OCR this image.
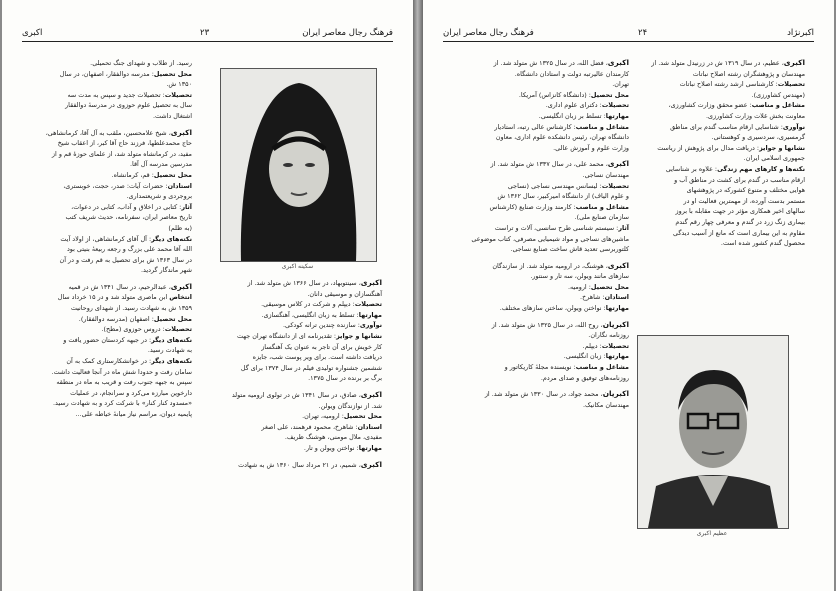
اکبری	۲۳	فرهنگ رجال معاصر ایران

رسید. از طلاب و شهدای جنگ تحمیلی.
محل تحصیل: مدرسه دوالفقار، اصفهان، در سال
۱۳۵۰ ش.
تحصیلات: تحصیلات جدید و سپس به مدت سه
سال به تحصیل علوم حوزوی در مدرسهٔ دوالفقار
اشتغال داشت.

اکبری، شیخ علامحسین، ملقب به آل آقا، کرمانشاهی،
حاج محمدعلطها، فرزند حاج آقا کبر، از اعقاب شیخ
مفید، در کرمانشاه متولد شد، از علمای حوزهٔ قم و از
مدرسین مدرسه آل آقا.
محل تحصیل: قم، کرمانشاه.
استادان: حضرات آیات: صدر، حجت، خوبستری،
بروجردی و شریعتمداری.
آثار: کتابی در اخلاق و آداب، کتابی در دعوات،
تاریخ معاصر ایران، سفرنامه، حدیث شریف کتب
(به ظلم)
نکته‌های دیگر: آل آقای کرمانشاهی، از اولاد آیت
الله آقا محمد علی بزرگ و رجعه ربیعهٔ بنیتی بود
در سال ۱۳۶۳ ش برای تحصیل به قم رفت و در آن
شهر ماندگار گردید.

اکبری، عبدالرحیم، در سال ۱۳۴۱ ش در قمیه
انتخاص ابن ماصری متولد شد و در ۱۵ خرداد سال
۱۳۵۹ ش به شهادت رسید. از شهدای روحانیت
محل تحصیل: اصفهان (مدرسه دوالفقار).
تحصیلات: دروس حوزوی (مطح).
نکته‌های دیگر: در جبهه کردستان حضور یافت و
به شهادت رسید.
نکته‌های دیگر: در خوانشکارستاری کمک به آن
سامان رفت و حدودا شش ماه در آنجا فعالیت داشت.
سپس به جبهه جنوب رفت و قریب به ماه در منطقه
دارخوین مبارزه می‌کرد و سرانجام، در عملیات
«مسدود کنار کنار» با شرکت کرد و به شهادت رسید.
پایمیه دیوان، مراسم نیاز میانهٔ خیاطه علی...

سکینه اکبری

اکبری، سینتوبهاد، در سال ۱۳۶۶ ش متولد شد. از
آهنگسازان و موسیقی دانان.
تحصیلات: دیپلم و شرکت در کلاس موسیقی.
مهارتها: تسلط به زبان انگلیسی، آهنگسازی.
نوآوری: سازنده چندین ترانه کودکی.
نشانها و جوایز: تقدیرنامه ای از دانشگاه تهران جهت
کار خویش برای آن تاجر به عنوان یک آهنگساز
دریافت داشته است. برای ویر پوست شب، جایزه
ششمین جشنواره تولیدی فیلم در سال ۱۳۷۴ برای گل
برگ بر برنده در سال ۱۳۷۵.

اکبری، صادق، در سال ۱۳۴۱ ش در تولوی ارومیه متولد
شد. از نوازندگان ویولن.
محل تحصیل: ارومیه، تهران.
استادان: شاهرخ، محمود فرهمند، علی اصغر
مفیدی، ملال مومنی، هوشنگ ظریف.
مهارتها: نواختن ویولن و تار.

اکبری، شمیم، در ۲۱ مرداد سال ۱۳۶۰ ش به شهادت

فرهنگ رجال معاصر ایران	۲۴	اکبرنژاد

اکبری، فضل الله، در سال ۱۳۲۵ ش متولد شد. از
کارمندان عالیرتبه دولت و استادان دانشگاه.
تهران.
محل تحصیل: (دانشگاه کانزاس) آمریکا.
تحصیلات: دکترای علوم اداری.
مهارتها: تسلط بر زبان انگلیسی.
مشاغل و مناصب: کارشناس عالی رتبه، استادیار
دانشگاه تهران، رئیس دانشکده علوم اداری، معاون
وزارت علوم و آموزش عالی.

اکبری، محمد علی، در سال ۱۳۳۷ ش متولد شد. از
مهندسان نساجی.
تحصیلات: لیسانس مهندسی نساجی (نساجی
و علوم الیاف) از دانشگاه امیرکبیر، سال ۱۳۶۲ ش
مشاغل و مناصب: کارمند وزارت صنایع (کارشناس
سازمان صنایع ملی).
آثار: سیستم شناسی طرح سانسی، آلات و تراست
ماشین‌های نساجی و مواد شیمیایی مصرفی، کتاب موضوعی
کلتوربرسی تعدید قاش ساخت صنایع نساجی.

اکبری، هوشنگ، در ارومیه متولد شد. از سازندگان
سازهای مانند ویولن، سه تار و سنتور.
محل تحصیل: ارومیه.
استادان: شاهرخ.
مهارتها: نواختن ویولن، ساختن سازهای مختلف.

اکبریان، روح الله، در سال ۱۳۲۵ ش متولد شد. از
روزنامه نگاران.
تحصیلات: دیپلم.
مهارتها: زبان انگلیسی.
مشاغل و مناصب: نویسنده مجلهٔ کاریکاتور و
روزنامه‌های توفیق و صدای مردم.

اکبریان، محمد جواد، در سال ۱۳۳۰ ش متولد شد. از
مهندسان مکانیک.

اکبری، عظیم، در سال ۱۳۱۹ ش در زرنیدل متولد شد. از
مهندسان و پژوهشگران رشته اصلاح نباتات
تحصیلات: کارشناسی ارشد رشته اصلاح نباتات
(مهندس کشاورزی).
مشاغل و مناصب: عضو محقق وزارت کشاورزی،
معاونت بخش غلات وزارت کشاورزی.
نوآوری: شناسایی ارقام مناسب گندم برای مناطق
گرمسیری، سردسیری و کوهستانی.
نشانها و جوایز: دریافت مدال برای پژوهش از ریاست
جمهوری اسلامی ایران.
نکته‌ها و کارهای مهم زندگی: علاوه بر شناسایی
ارقام مناسب در گندم برای کشت در مناطق آب و
هوایی مختلف و متنوع کشورکه در پژوهشهای
مستمر بدست آورده، از مهمترین فعالیت او در
سالهای اخیر همکاری مؤثر در جهت مقابله با بروز
بیماری زنگ زرد در گندم و معرفی چهار رقم گندم
مقاوم به این بیماری است که مانع از آسیب دیدگی
محصول گندم کشور شده است.

عظیم اکبری
